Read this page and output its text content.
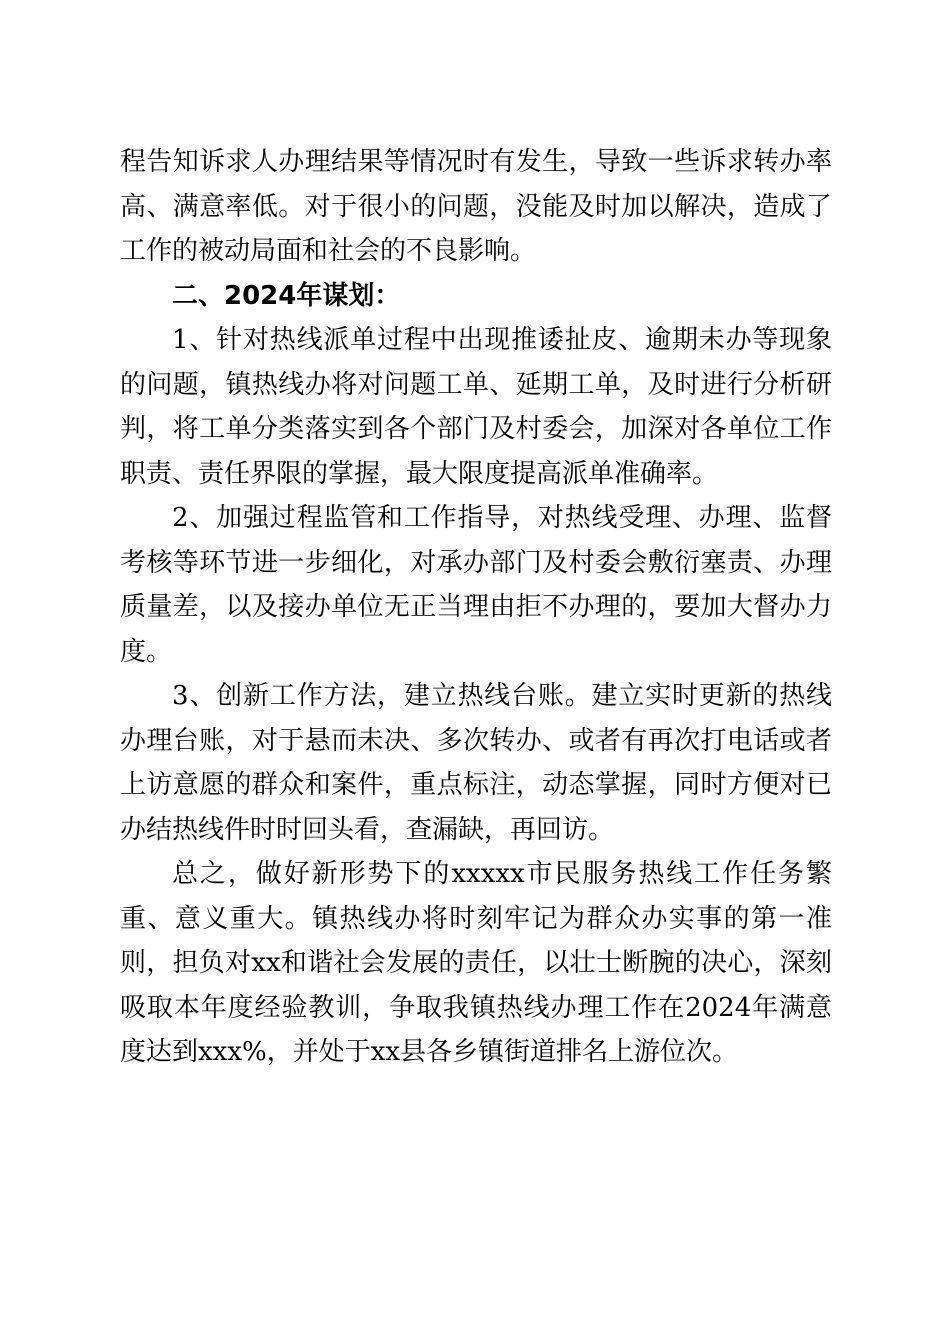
程告知诉求人办理结果等情况时有发生，导致一些诉求转办率高、满意率低。对于很小的问题，没能及时加以解决，造成了工作的被动局面和社会的不良影响。

二、2024年谋划：

1、针对热线派单过程中出现推诿扯皮、逾期未办等现象的问题，镇热线办将对问题工单、延期工单，及时进行分析研判，将工单分类落实到各个部门及村委会，加深对各单位工作职责、责任界限的掌握，最大限度提高派单准确率。

2、加强过程监管和工作指导，对热线受理、办理、监督考核等环节进一步细化，对承办部门及村委会敷衍塞责、办理质量差，以及接办单位无正当理由拒不办理的，要加大督办力度。

3、创新工作方法，建立热线台账。建立实时更新的热线办理台账，对于悬而未决、多次转办、或者有再次打电话或者上访意愿的群众和案件，重点标注，动态掌握，同时方便对已办结热线件时时回头看，查漏缺，再回访。

总之，做好新形势下的xxxxx市民服务热线工作任务繁重、意义重大。镇热线办将时刻牢记为群众办实事的第一准则，担负对xx和谐社会发展的责任，以壮士断腕的决心，深刻吸取本年度经验教训，争取我镇热线办理工作在2024年满意度达到xxx%，并处于xx县各乡镇街道排名上游位次。
